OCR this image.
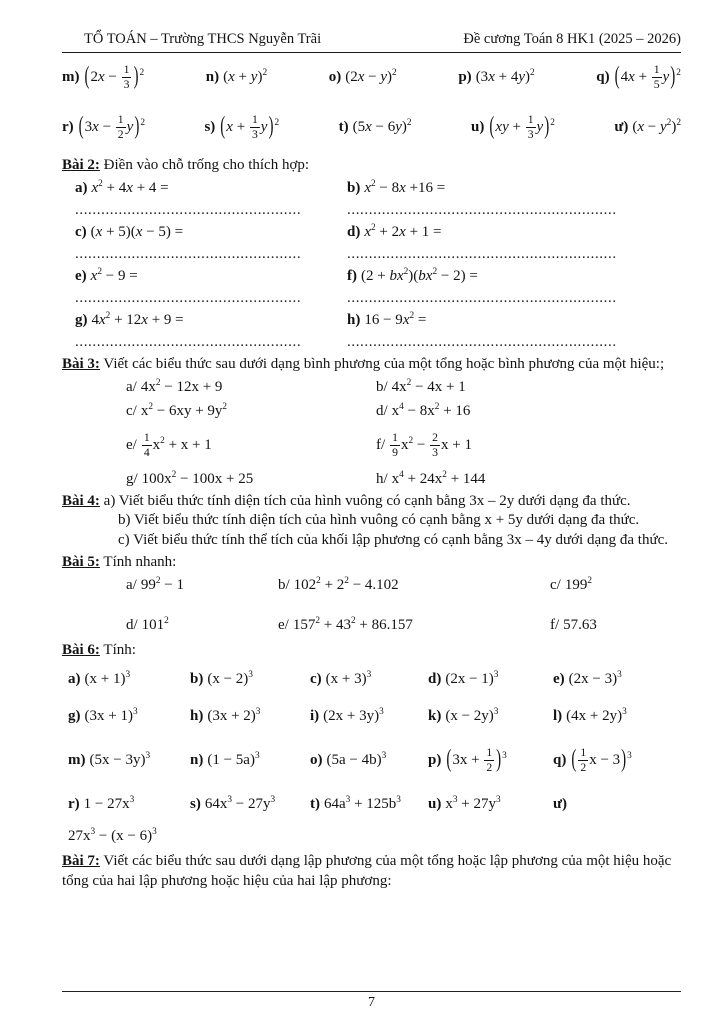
TỔ TOÁN – Trường THCS Nguyễn Trãi	Đề cương Toán 8 HK1 (2025 – 2026)
m) $(2x - \frac{1}{3} )^2$	n) $(x + y)^2$	o) $(2x - y)^2$	p) $(3x + 4y)^2$	q) $(4x + \frac{1}{5} y)^2$
r) $(3x - \frac{1}{2} y)^2$	s) $(x + \frac{1}{3} y)^2$	t) $(5x - 6y)^2$	u) $(xy + \frac{1}{3} y)^2$	ư) $(x - y^2)^2$
Bài 2: Điền vào chỗ trống cho thích hợp:
a) $x^2 + 4x + 4$ =	b) $x^2 - 8x +16$ =
....................................................	..............................................................
c) (x + 5)(x − 5) =	d) $x^2 + 2x + 1$ =
....................................................	..............................................................
e) $x^2 - 9$ =	f) $(2 + bx^2)(bx^2 - 2)$ =
....................................................	..............................................................
g) $4x^2 + 12x + 9$ =	h) $16 - 9x^2$ =
....................................................	..............................................................
Bài 3: Viết các biểu thức sau dưới dạng bình phương của một tổng hoặc bình phương của một hiệu:;
a/ $4x^2 - 12x + 9$	b/ $4x^2 - 4x + 1$
c/ $x^2 - 6xy + 9y^2$	d/ $x^4 - 8x^2 + 16$
$e/ \frac{1}{4} x^2 + x + 1$	$f/ \frac{1}{9} x^2 - \frac{2}{3}$ x + 1
g/ $100x^2 - 100x + 25$	h/ $x^4 + 24x^2 + 144$

Bài 4: a) Viết biểu thức tính diện tích của hình vuông có cạnh bằng 3x – 2y dưới dạng đa thức.

b) Viết biểu thức tính diện tích của hình vuông có cạnh bằng x + 5y dưới dạng đa thức.

c) Viết biểu thức tính thể tích của khối lập phương có cạnh bằng 3x – 4y dưới dạng đa thức.

Bài 5: Tính nhanh:
a/ $99^2 - 1$	b/ $102^2 + 2^2 - 4.102$	c/ $199^2$
d/ $101^2$	e/ $157^2 + 43^2 + 86.157$	f/ 57.63
Bài 6: Tính:
a) $(x + 1)^3$	b) $(x - 2)^3$	c) $(x + 3)^3$	d) $(2x - 1)^3$	e) $(2x - 3)^3$
g) $(3x + 1)^3$	h) $(3x + 2)^3$	i) $(2x + 3y)^3$	k) $(x - 2y)^3$	l) $(4x + 2y)^3$
m) $(5x - 3y)^3$	n) $(1 - 5a)^3$	o) $(5a - 4b)^3$	p) $(3x + \frac{1}{2} )^3$	q) ( $\frac{1}{2}$ x − 3)$^3$
r) $1 - 27x^3$	s) $64x^3 - 27y^3$	t) $64a^3 + 125b^3$	u) $x^3 + 27y^3$	ư)
$27x^3 - (x - 6)^3$
Bài 7: Viết các biểu thức sau dưới dạng lập phương của một tổng hoặc lập phương của một hiệu hoặc tổng của hai lập phương hoặc hiệu của hai lập phương:
7
